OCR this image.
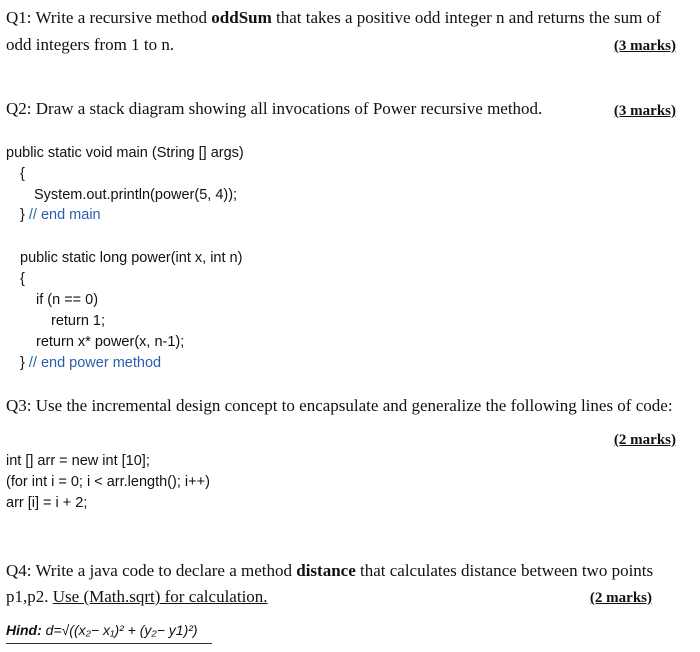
Q1: Write a recursive method oddSum that takes a positive odd integer n and returns the sum of
odd integers from 1 to n.	(3 marks)
Q2: Draw a stack diagram showing all invocations of Power recursive method.	(3 marks)
public static void main (String [] args)
{
System.out.println(power(5, 4));
} // end main
public static long power(int x, int n)
{
if (n == 0)
return 1;
return x* power(x, n-1);
} // end power method
Q3: Use the incremental design concept to encapsulate and generalize the following lines of code:
(2 marks)
int [] arr = new int [10];
(for int i = 0; i < arr.length(); i++)
arr [i] = i + 2;
Q4: Write a java code to declare a method distance that calculates distance between two points
p1,p2. Use (Math.sqrt) for calculation.	(2 marks)
Hind: d=√((x₂− x₁)² + (y₂− y1)²)
